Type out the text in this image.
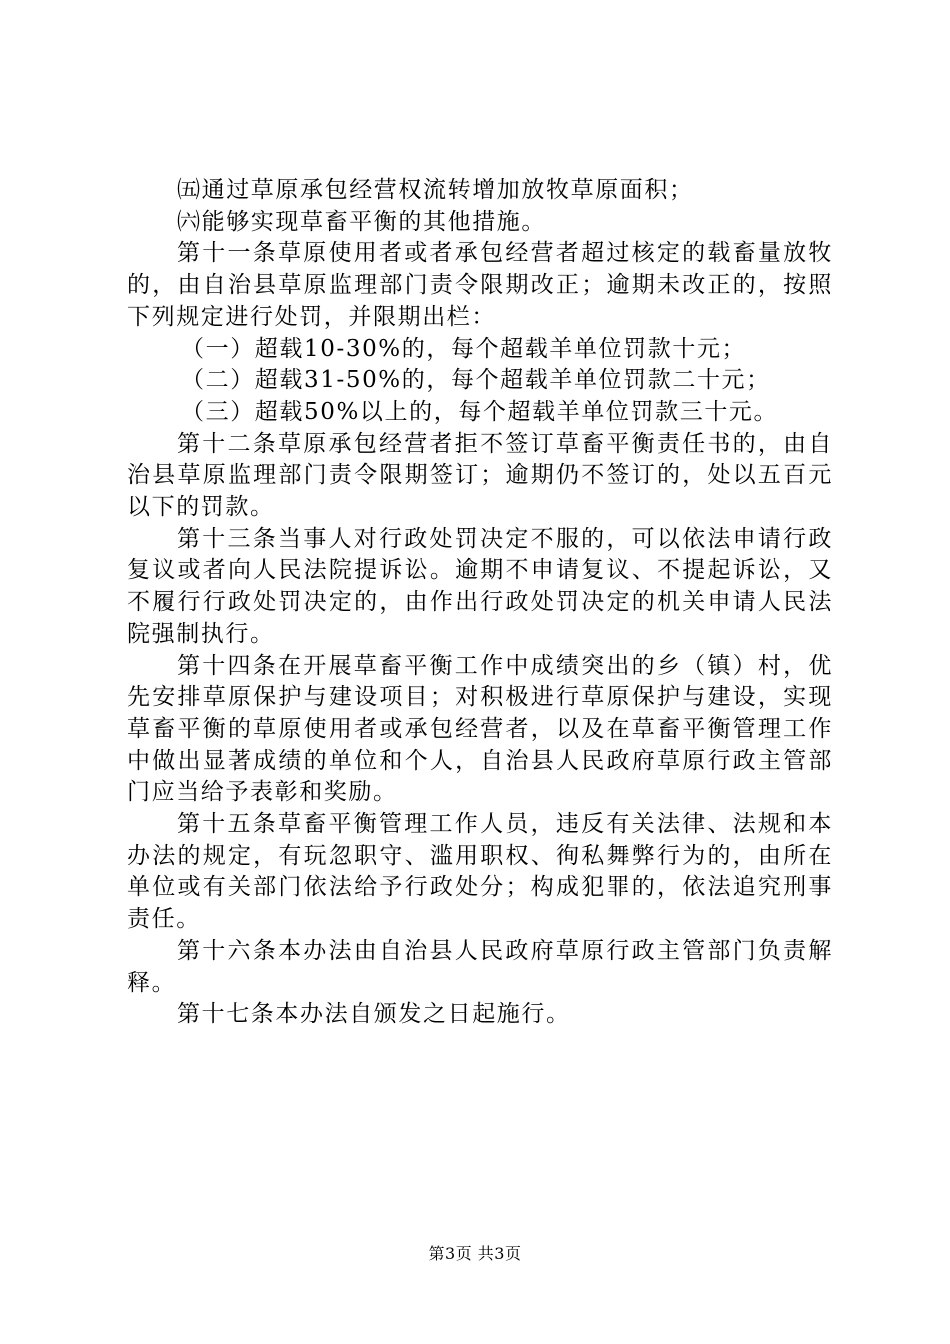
㈤通过草原承包经营权流转增加放牧草原面积；

㈥能够实现草畜平衡的其他措施。

第十一条草原使用者或者承包经营者超过核定的载畜量放牧的，由自治县草原监理部门责令限期改正；逾期未改正的，按照下列规定进行处罚，并限期出栏：

（一）超载10-30%的，每个超载羊单位罚款十元；

（二）超载31-50%的，每个超载羊单位罚款二十元；

（三）超载50%以上的，每个超载羊单位罚款三十元。

第十二条草原承包经营者拒不签订草畜平衡责任书的，由自治县草原监理部门责令限期签订；逾期仍不签订的，处以五百元以下的罚款。

第十三条当事人对行政处罚决定不服的，可以依法申请行政复议或者向人民法院提诉讼。逾期不申请复议、不提起诉讼，又不履行行政处罚决定的，由作出行政处罚决定的机关申请人民法院强制执行。

第十四条在开展草畜平衡工作中成绩突出的乡（镇）村，优先安排草原保护与建设项目；对积极进行草原保护与建设，实现草畜平衡的草原使用者或承包经营者，以及在草畜平衡管理工作中做出显著成绩的单位和个人，自治县人民政府草原行政主管部门应当给予表彰和奖励。

第十五条草畜平衡管理工作人员，违反有关法律、法规和本办法的规定，有玩忽职守、滥用职权、徇私舞弊行为的，由所在单位或有关部门依法给予行政处分；构成犯罪的，依法追究刑事责任。

第十六条本办法由自治县人民政府草原行政主管部门负责解释。

第十七条本办法自颁发之日起施行。

第3页 共3页
